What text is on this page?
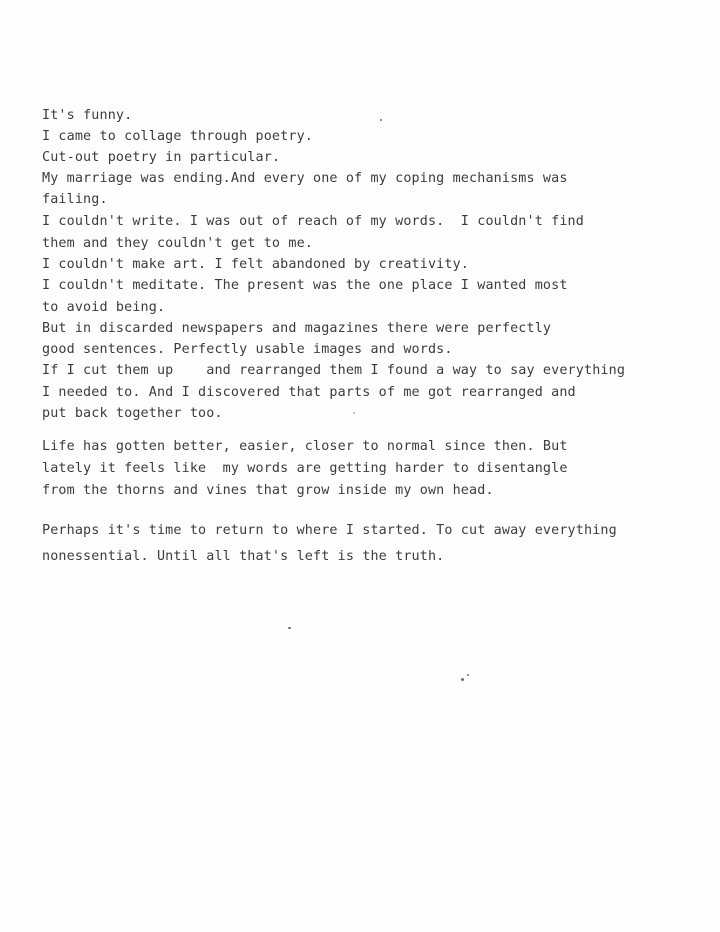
It's funny.

I came to collage through poetry.

Cut-out poetry in particular.

My marriage was ending.And every one of my coping mechanisms was

failing.

I couldn't write. I was out of reach of my words.  I couldn't find

them and they couldn't get to me.

I couldn't make art. I felt abandoned by creativity.

I couldn't meditate. The present was the one place I wanted most

to avoid being.

But in discarded newspapers and magazines there were perfectly

good sentences. Perfectly usable images and words.

If I cut them up    and rearranged them I found a way to say everything

I needed to. And I discovered that parts of me got rearranged and

put back together too.

Life has gotten better, easier, closer to normal since then. But

lately it feels like  my words are getting harder to disentangle

from the thorns and vines that grow inside my own head.

Perhaps it's time to return to where I started. To cut away everything

nonessential. Until all that's left is the truth.
